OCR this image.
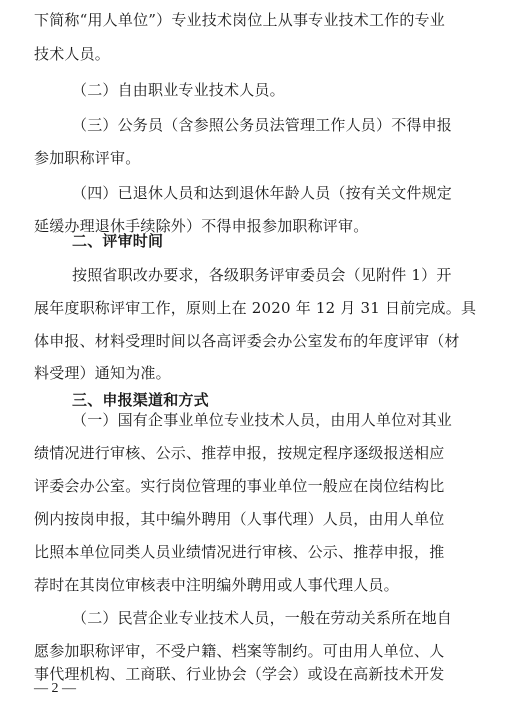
下简称“用人单位”）专业技术岗位上从事专业技术工作的专业
技术人员。
（二）自由职业专业技术人员。
（三）公务员（含参照公务员法管理工作人员）不得申报
参加职称评审。
（四）已退休人员和达到退休年龄人员（按有关文件规定
延缓办理退休手续除外）不得申报参加职称评审。
二、评审时间
按照省职改办要求，各级职务评审委员会（见附件 1）开
展年度职称评审工作，原则上在 2020 年 12 月 31 日前完成。具
体申报、材料受理时间以各高评委会办公室发布的年度评审（材
料受理）通知为准。
三、申报渠道和方式
（一）国有企事业单位专业技术人员，由用人单位对其业
绩情况进行审核、公示、推荐申报，按规定程序逐级报送相应
评委会办公室。实行岗位管理的事业单位一般应在岗位结构比
例内按岗申报，其中编外聘用（人事代理）人员，由用人单位
比照本单位同类人员业绩情况进行审核、公示、推荐申报，推
荐时在其岗位审核表中注明编外聘用或人事代理人员。
（二）民营企业专业技术人员，一般在劳动关系所在地自
愿参加职称评审，不受户籍、档案等制约。可由用人单位、人
事代理机构、工商联、行业协会（学会）或设在高新技术开发
— 2 —
